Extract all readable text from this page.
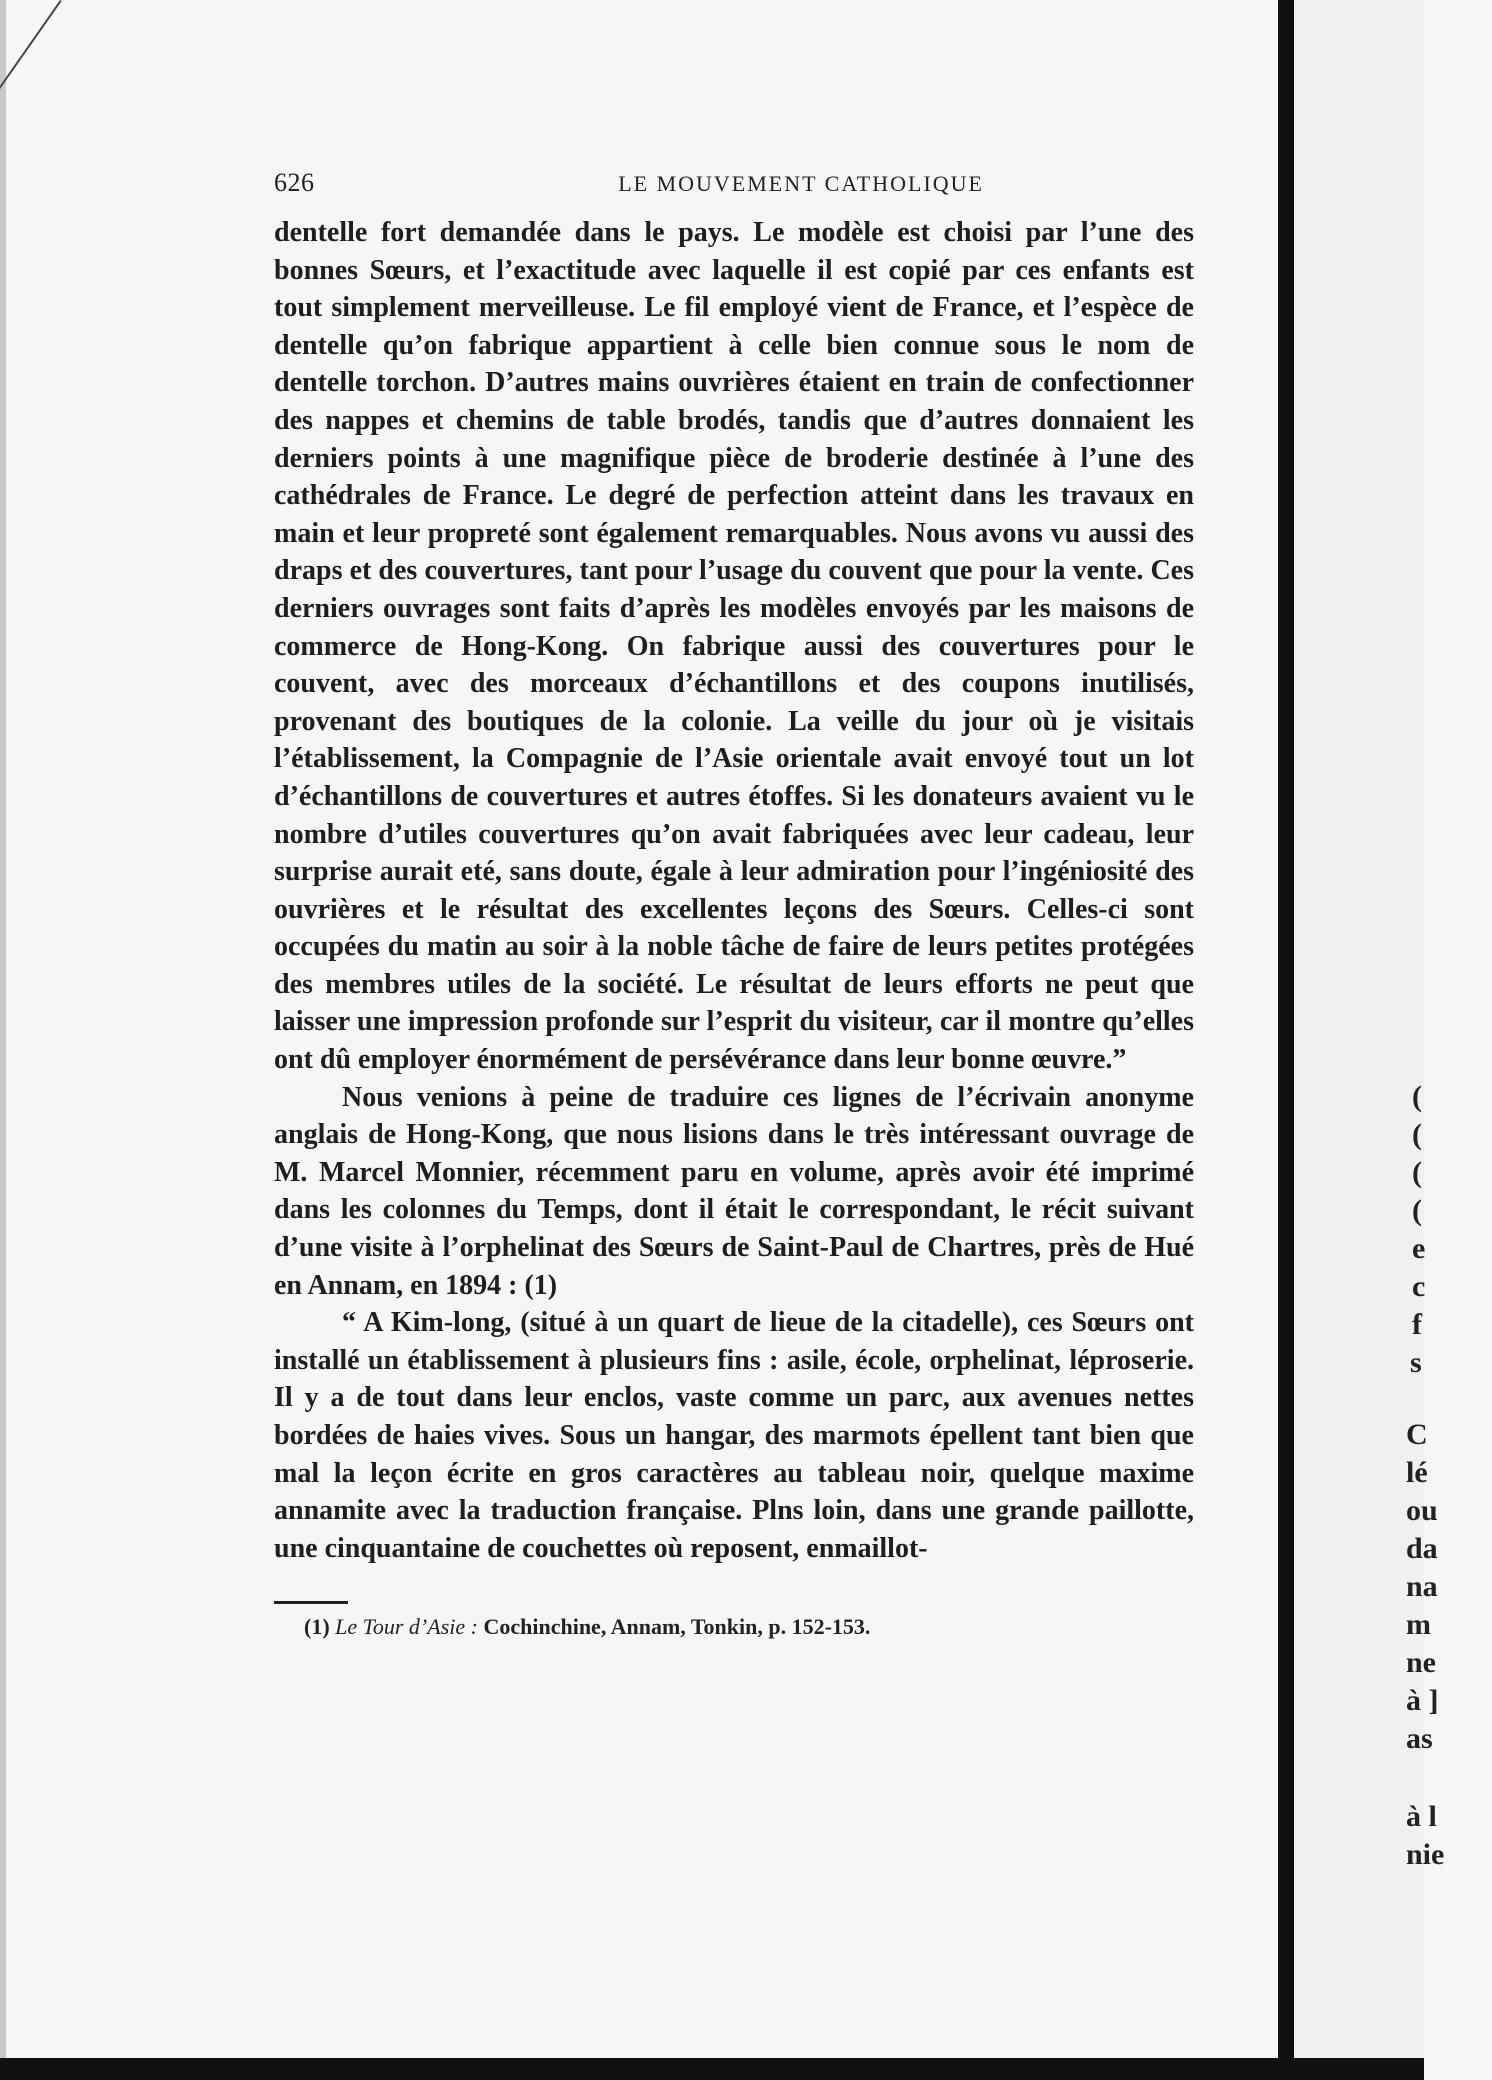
626	LE MOUVEMENT CATHOLIQUE

dentelle fort demandée dans le pays. Le modèle est choisi par l’une des bonnes Sœurs, et l’exactitude avec laquelle il est copié par ces enfants est tout simplement merveilleuse. Le fil employé vient de France, et l’espèce de dentelle qu’on fabrique appartient à celle bien connue sous le nom de dentelle torchon. D’autres mains ouvrières étaient en train de confectionner des nappes et chemins de table brodés, tandis que d’autres donnaient les derniers points à une magnifique pièce de broderie destinée à l’une des cathédrales de France. Le degré de perfection atteint dans les travaux en main et leur propreté sont également remarquables. Nous avons vu aussi des draps et des couvertures, tant pour l’usage du couvent que pour la vente. Ces derniers ouvrages sont faits d’après les modèles envoyés par les maisons de commerce de Hong-Kong. On fabrique aussi des couvertures pour le couvent, avec des morceaux d’échantillons et des coupons inutilisés, provenant des boutiques de la colonie. La veille du jour où je visitais l’établissement, la Compagnie de l’Asie orientale avait envoyé tout un lot d’échantillons de couvertures et autres étoffes. Si les donateurs avaient vu le nombre d’utiles couvertures qu’on avait fabriquées avec leur cadeau, leur surprise aurait eté, sans doute, égale à leur admiration pour l’ingéniosité des ouvrières et le résultat des excellentes leçons des Sœurs. Celles-ci sont occupées du matin au soir à la noble tâche de faire de leurs petites protégées des membres utiles de la société. Le résultat de leurs efforts ne peut que laisser une impression profonde sur l’esprit du visiteur, car il montre qu’elles ont dû employer énormément de persévérance dans leur bonne œuvre.”

Nous venions à peine de traduire ces lignes de l’écrivain anonyme anglais de Hong-Kong, que nous lisions dans le très intéressant ouvrage de M. Marcel Monnier, récemment paru en volume, après avoir été imprimé dans les colonnes du Temps, dont il était le correspondant, le récit suivant d’une visite à l’orphelinat des Sœurs de Saint-Paul de Chartres, près de Hué en Annam, en 1894 : (1)

“ A Kim-long, (situé à un quart de lieue de la citadelle), ces Sœurs ont installé un établissement à plusieurs fins : asile, école, orphelinat, léproserie. Il y a de tout dans leur enclos, vaste comme un parc, aux avenues nettes bordées de haies vives. Sous un hangar, des marmots épellent tant bien que mal la leçon écrite en gros caractères au tableau noir, quelque maxime annamite avec la traduction française. Plns loin, dans une grande paillotte, une cinquantaine de couchettes où reposent, enmaillot-

(1) Le Tour d’Asie : Cochinchine, Annam, Tonkin, p. 152-153.
(
(
(
(
e
c
f
s
C
lé
ou
da
na
m
ne
à ]
as
à l
nie
